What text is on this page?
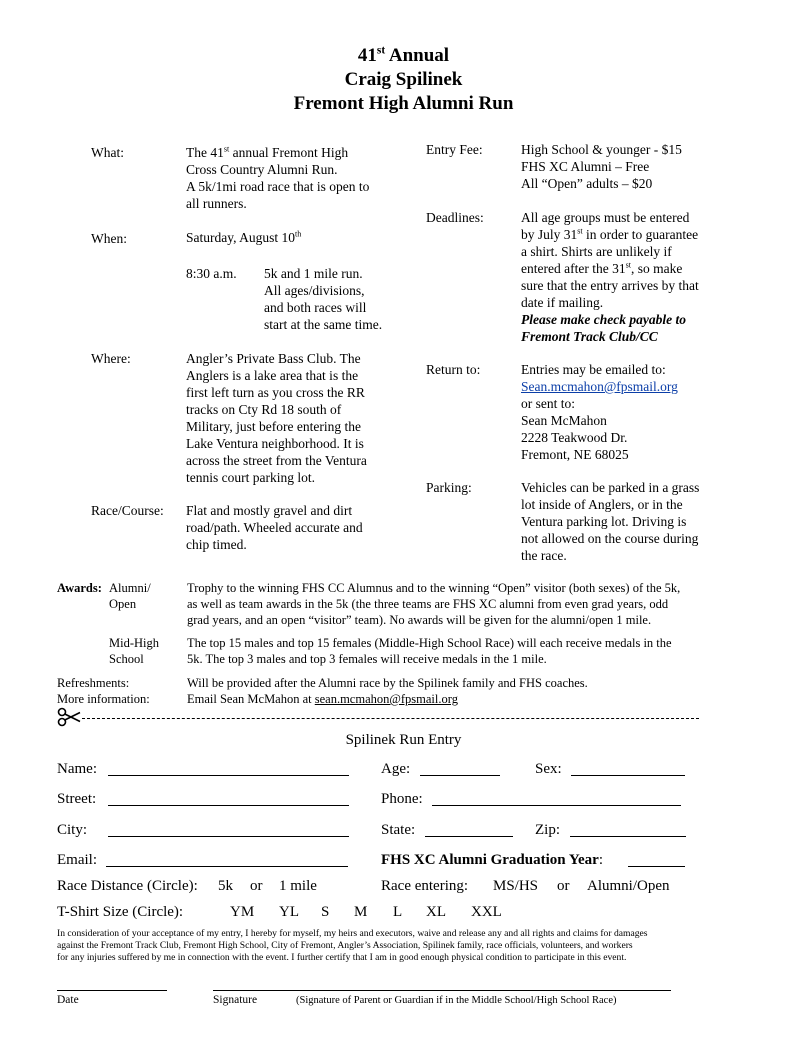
41st Annual
Craig Spilinek
Fremont High Alumni Run
What:	The 41st annual Fremont High
Cross Country Alumni Run.
A 5k/1mi road race that is open to
all runners.
When:	Saturday, August 10th
8:30 a.m. 5k and 1 mile run.
All ages/divisions,
and both races will
start at the same time.
Where:	Angler’s Private Bass Club. The
Anglers is a lake area that is the
first left turn as you cross the RR
tracks on Cty Rd 18 south of
Military, just before entering the
Lake Ventura neighborhood. It is
across the street from the Ventura
tennis court parking lot.
Race/Course: Flat and mostly gravel and dirt
road/path. Wheeled accurate and
chip timed.
Entry Fee:	High School & younger - $15
FHS XC Alumni – Free
All “Open” adults – $20
Deadlines:	All age groups must be entered
by July 31st in order to guarantee
a shirt. Shirts are unlikely if
entered after the 31st, so make
sure that the entry arrives by that
date if mailing.
Please make check payable to
Fremont Track Club/CC
Return to:	Entries may be emailed to:
Sean.mcmahon@fpsmail.org
or sent to:
Sean McMahon
2228 Teakwood Dr.
Fremont, NE 68025
Parking:	Vehicles can be parked in a grass
lot inside of Anglers, or in the
Ventura parking lot. Driving is
not allowed on the course during
the race.
Awards: Alumni/
Open
Trophy to the winning FHS CC Alumnus and to the winning “Open” visitor (both sexes) of the 5k,
as well as team awards in the 5k (the three teams are FHS XC alumni from even grad years, odd
grad years, and an open “visitor” team). No awards will be given for the alumni/open 1 mile.
Mid-High
School
The top 15 males and top 15 females (Middle-High School Race) will each receive medals in the
5k. The top 3 males and top 3 females will receive medals in the 1 mile.
Refreshments:	Will be provided after the Alumni race by the Spilinek family and FHS coaches.
More information:	Email Sean McMahon at sean.mcmahon@fpsmail.org
Spilinek Run Entry
Name:	Age:	Sex:
Street:	Phone:
City:	State:	Zip:
Email:	FHS XC Alumni Graduation Year:
Race Distance (Circle): 5k or 1 mile	Race entering: MS/HS or Alumni/Open
T-Shirt Size (Circle):	YM YL S M L XL XXL
In consideration of your acceptance of my entry, I hereby for myself, my heirs and executors, waive and release any and all rights and claims for damages
against the Fremont Track Club, Fremont High School, City of Fremont, Angler’s Association, Spilinek family, race officials, volunteers, and workers
for any injuries suffered by me in connection with the event. I further certify that I am in good enough physical condition to participate in this event.
Date	Signature	(Signature of Parent or Guardian if in the Middle School/High School Race)
